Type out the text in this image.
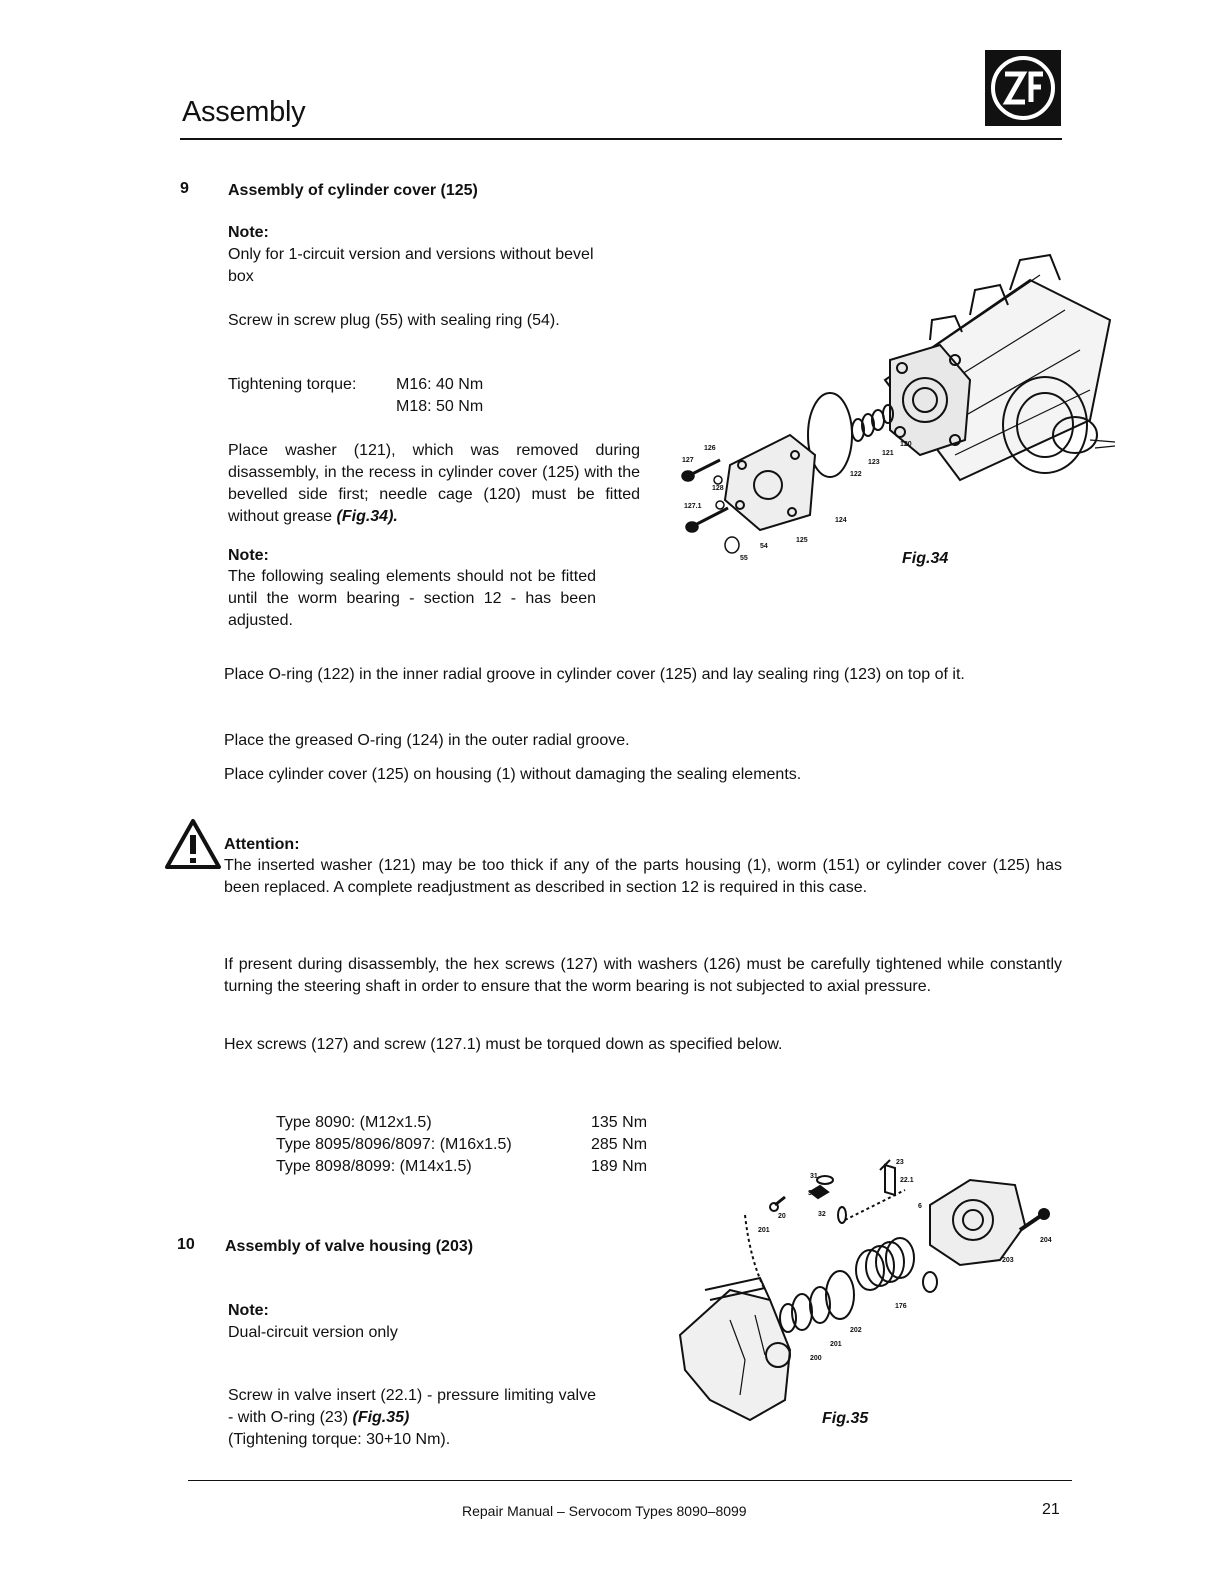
Assembly
9 Assembly of cylinder cover (125)
Note:
Only for 1-circuit version and versions without bevel box
Screw in screw plug (55) with sealing ring (54).
Tightening torque: M16: 40 Nm
M18: 50 Nm
Place washer (121), which was removed during disassembly, in the recess in cylinder cover (125) with the bevelled side first; needle cage (120) must be fitted without grease (Fig.34).
Note:
The following sealing elements should not be fitted until the worm bearing - section 12 - has been adjusted.
126
127
128
127.1
55
54
125
124
122
123
121
120
Fig.34
Place O-ring (122) in the inner radial groove in cylinder cover (125) and lay sealing ring (123) on top of it.
Place the greased O-ring (124) in the outer radial groove.
Place cylinder cover (125) on housing (1) without damaging the sealing elements.
Attention:
The inserted washer (121) may be too thick if any of the parts housing (1), worm (151) or cylinder cover (125) has been replaced. A complete readjustment as described in section 12 is required in this case.
If present during disassembly, the hex screws (127) with washers (126) must be carefully tightened while constantly turning the steering shaft in order to ensure that the worm bearing is not subjected to axial pressure.
Hex screws (127) and screw (127.1) must be torqued down as specified below.
Type 8090: (M12x1.5)	135 Nm
Type 8095/8096/8097: (M16x1.5)	285 Nm
Type 8098/8099: (M14x1.5)	189 Nm
10 Assembly of valve housing (203)
Note:
Dual-circuit version only
Screw in valve insert (22.1) - pressure limiting valve - with O-ring (23) (Fig.35)
(Tightening torque: 30+10 Nm).
31
30
32
23
22.1
20
201
6
204
203
176
202
201
200
Fig.35
Repair Manual – Servocom Types 8090–8099	21
